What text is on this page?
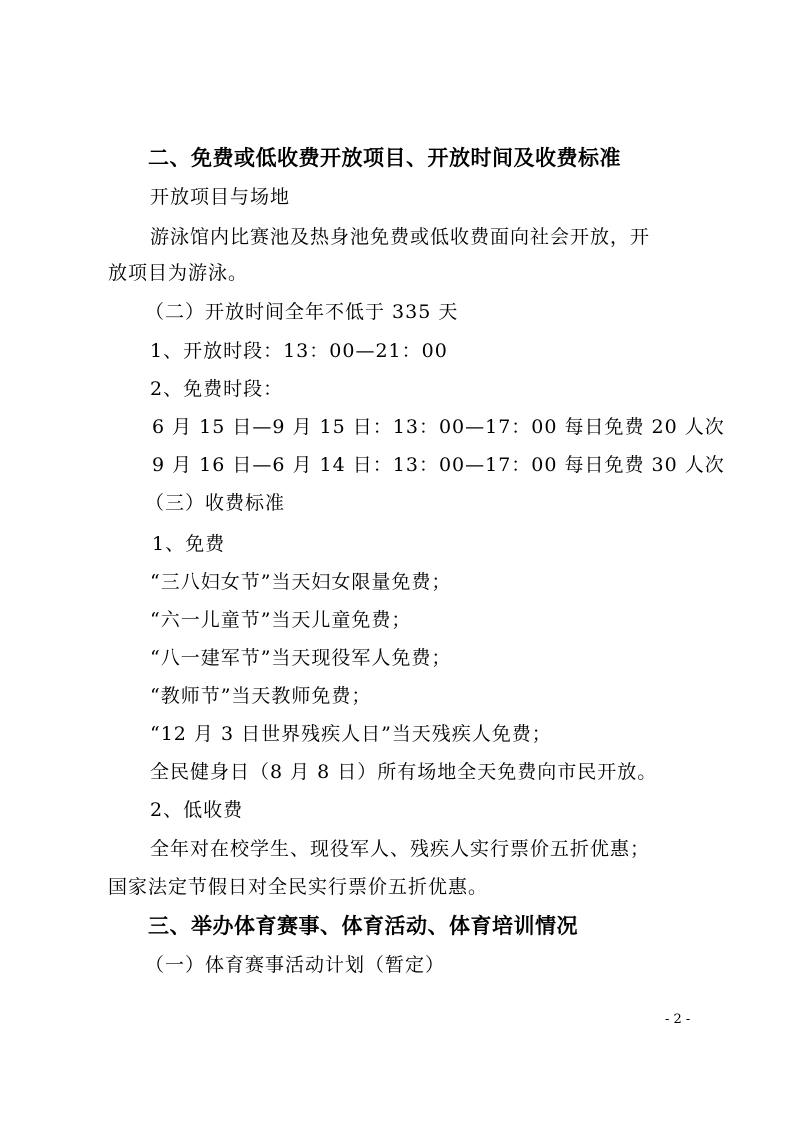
二、免费或低收费开放项目、开放时间及收费标准
开放项目与场地
游泳馆内比赛池及热身池免费或低收费面向社会开放，开
放项目为游泳。
（二）开放时间全年不低于 335 天
1、开放时段：13：00—21：00
2、免费时段：
6 月 15 日—9 月 15 日：13：00—17：00 每日免费 20 人次
9 月 16 日—6 月 14 日：13：00—17：00 每日免费 30 人次
（三）收费标准
1、免费
“三八妇女节”当天妇女限量免费；
“六一儿童节”当天儿童免费；
“八一建军节”当天现役军人免费；
“教师节”当天教师免费；
“12 月 3 日世界残疾人日”当天残疾人免费；
全民健身日（8 月 8 日）所有场地全天免费向市民开放。
2、低收费
全年对在校学生、现役军人、残疾人实行票价五折优惠；
国家法定节假日对全民实行票价五折优惠。
三、举办体育赛事、体育活动、体育培训情况
（一）体育赛事活动计划（暂定）
- 2 -
